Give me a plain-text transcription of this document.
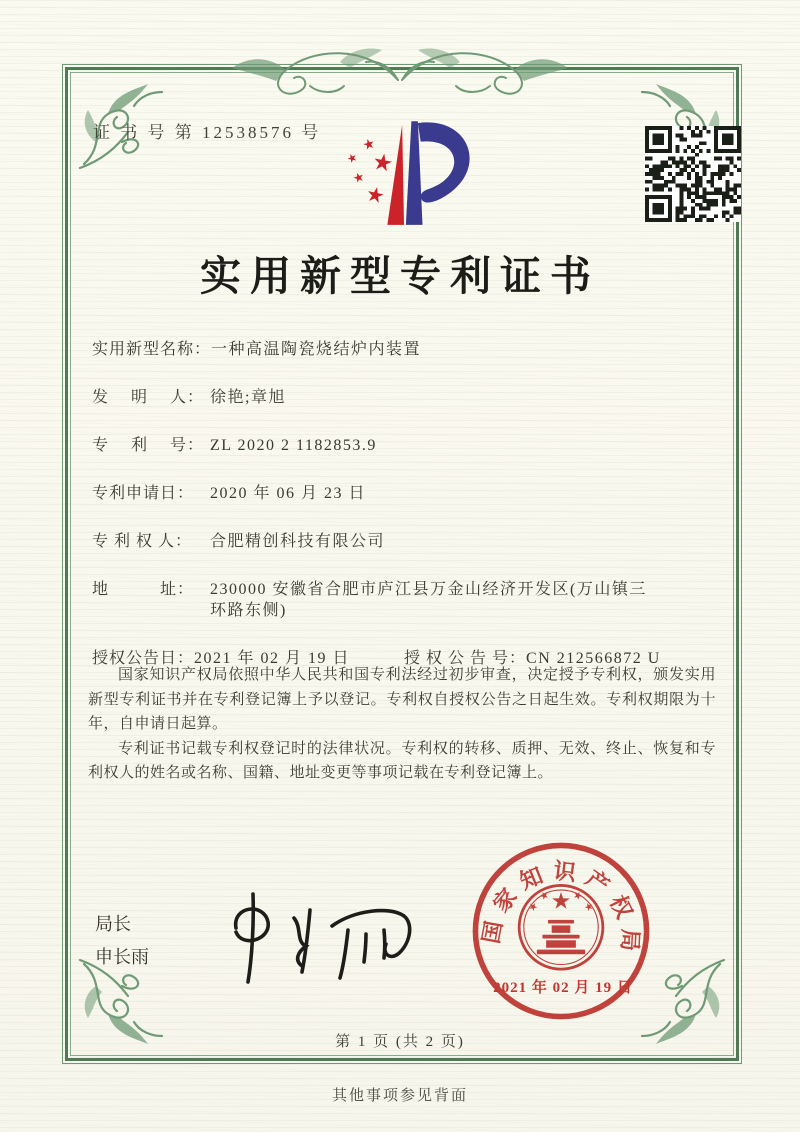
证 书 号 第 12538576 号
实用新型专利证书
实用新型名称： 一种高温陶瓷烧结炉内装置
发　 明　 人： 徐艳;章旭
专　 利　 号： ZL 2020 2 1182853.9
专利申请日： 2020 年 06 月 23 日
专 利 权 人：	合肥精创科技有限公司
地　　　址： 230000 安徽省合肥市庐江县万金山经济开发区(万山镇三环路东侧)
授权公告日： 2021 年 02 月 19 日	授 权 公 告 号： CN 212566872 U

国家知识产权局依照中华人民共和国专利法经过初步审查，决定授予专利权，颁发实用新型专利证书并在专利登记簿上予以登记。专利权自授权公告之日起生效。专利权期限为十年，自申请日起算。

专利证书记载专利权登记时的法律状况。专利权的转移、质押、无效、终止、恢复和专利权人的姓名或名称、国籍、地址变更等事项记载在专利登记簿上。

局长
申长雨
国家知识产权局
2021 年 02 月 19 日
第 1 页 (共 2 页)
其他事项参见背面
